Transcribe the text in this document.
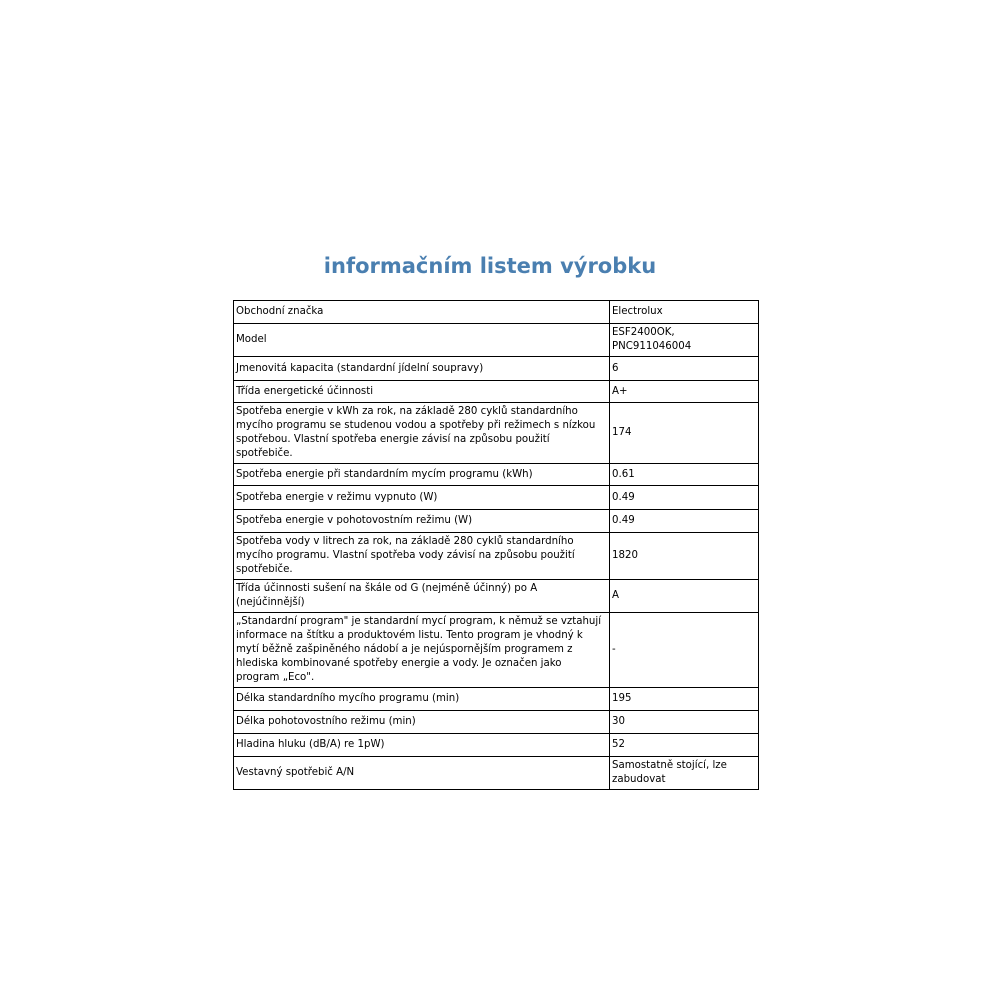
informačním listem výrobku
Obchodní značka	Electrolux
Model	ESF2400OK, PNC911046004
Jmenovitá kapacita (standardní jídelní soupravy)	6
Třída energetické účinnosti	A+
Spotřeba energie v kWh za rok, na základě 280 cyklů standardního mycího programu se studenou vodou a spotřeby při režimech s nízkou spotřebou. Vlastní spotřeba energie závisí na způsobu použití spotřebiče.	174
Spotřeba energie při standardním mycím programu (kWh)	0.61
Spotřeba energie v režimu vypnuto (W)	0.49
Spotřeba energie v pohotovostním režimu (W)	0.49
Spotřeba vody v litrech za rok, na základě 280 cyklů standardního mycího programu. Vlastní spotřeba vody závisí na způsobu použití spotřebiče.	1820
Třída účinnosti sušení na škále od G (nejméně účinný) po A (nejúčinnější)	A
„Standardní program" je standardní mycí program, k němuž se vztahují informace na štítku a produktovém listu. Tento program je vhodný k mytí běžně zašpiněného nádobí a je nejúspornějším programem z hlediska kombinované spotřeby energie a vody. Je označen jako program „Eco".	-
Délka standardního mycího programu (min)	195
Délka pohotovostního režimu (min)	30
Hladina hluku (dB/A) re 1pW)	52
Vestavný spotřebič A/N	Samostatně stojící, lze zabudovat
